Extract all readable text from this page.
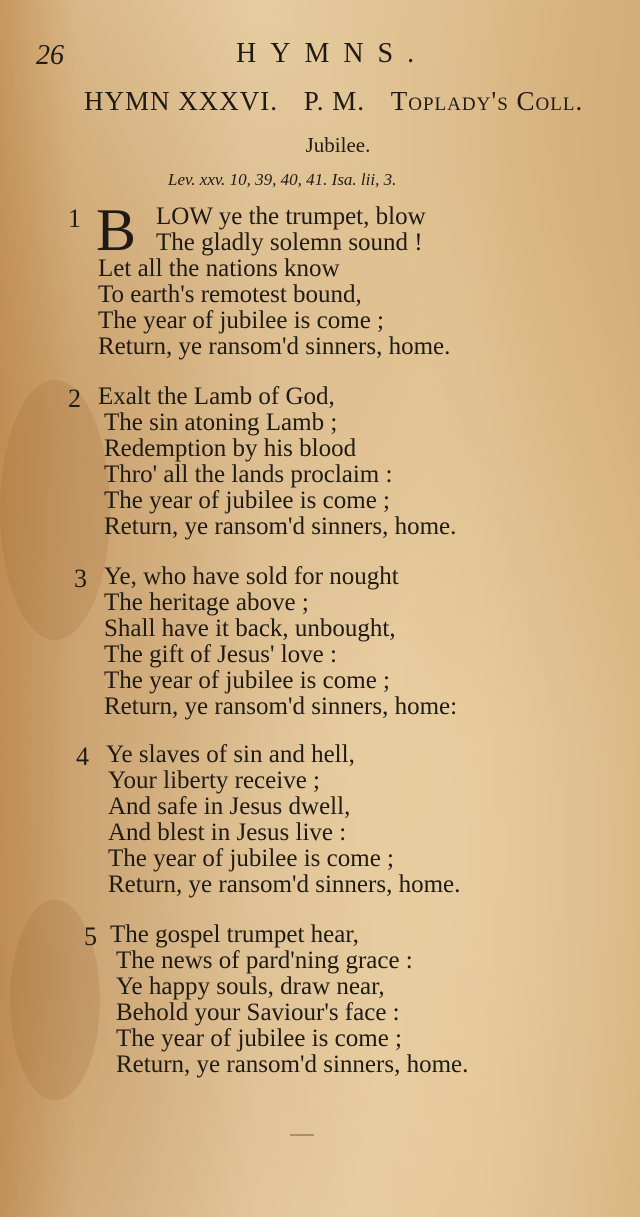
26	HYMNS.
HYMN XXXVI. P. M. Toplady's Coll.
Jubilee.
Lev. xxv. 10, 39, 40, 41. Isa. lii, 3.
1 B LOW ye the trumpet, blow
The gladly solemn sound !
Let all the nations know
To earth's remotest bound,
The year of jubilee is come ;
Return, ye ransom'd sinners, home.
2 Exalt the Lamb of God,
The sin atoning Lamb ;
Redemption by his blood
Thro' all the lands proclaim :
The year of jubilee is come ;
Return, ye ransom'd sinners, home.
3 Ye, who have sold for nought
The heritage above ;
Shall have it back, unbought,
The gift of Jesus' love :
The year of jubilee is come ;
Return, ye ransom'd sinners, home:
4 Ye slaves of sin and hell,
Your liberty receive ;
And safe in Jesus dwell,
And blest in Jesus live :
The year of jubilee is come ;
Return, ye ransom'd sinners, home.
5 The gospel trumpet hear,
The news of pard'ning grace :
Ye happy souls, draw near,
Behold your Saviour's face :
The year of jubilee is come ;
Return, ye ransom'd sinners, home.
